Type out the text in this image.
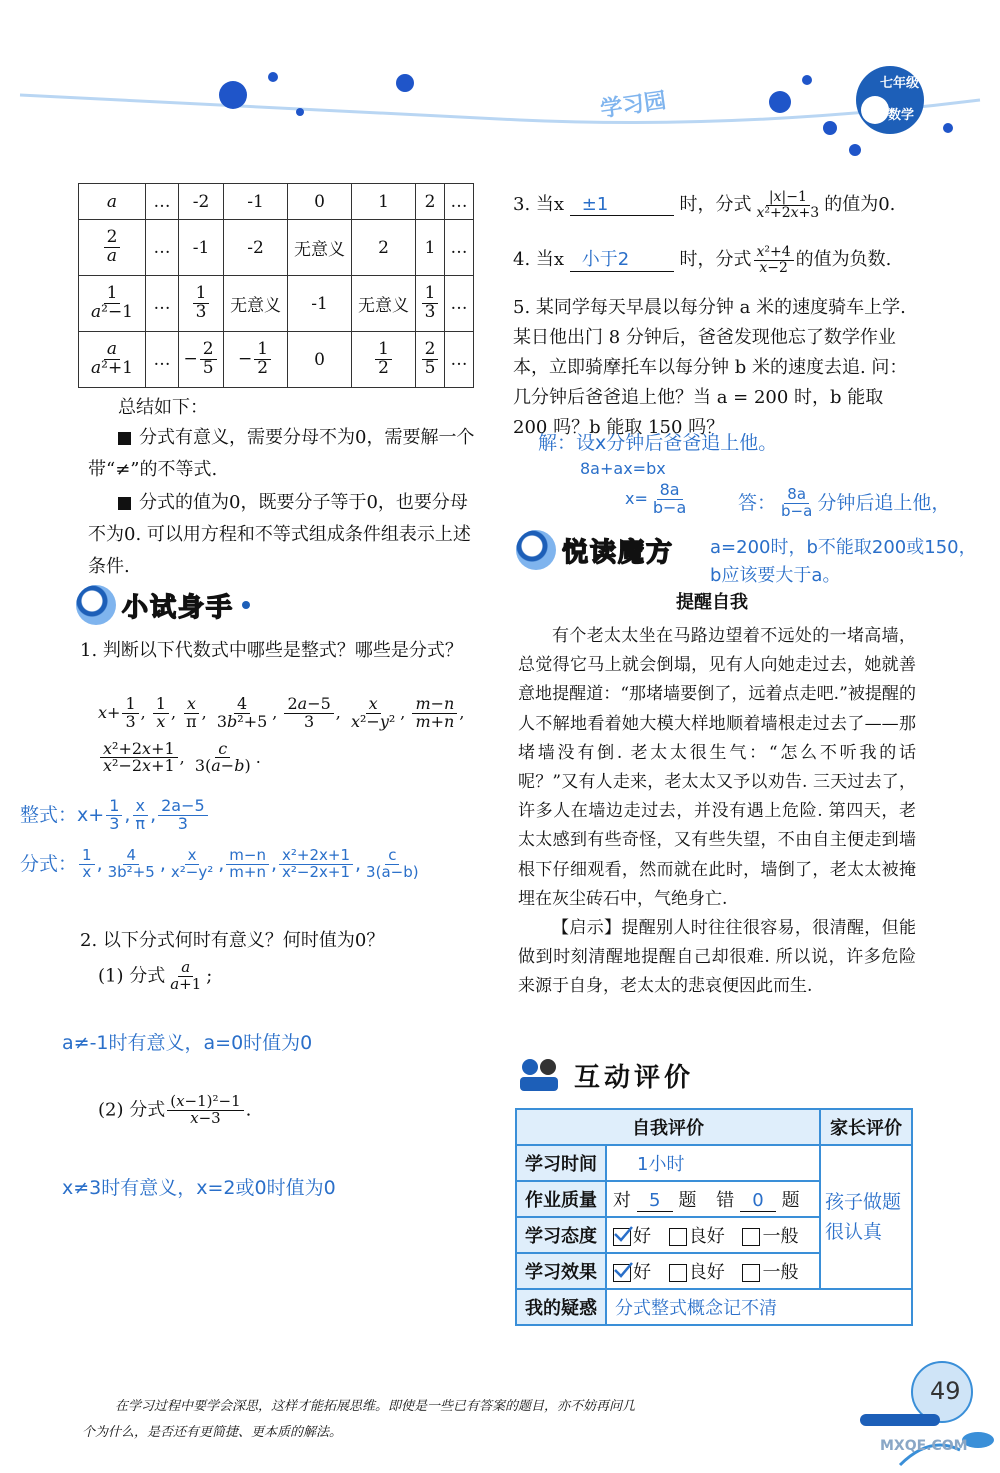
学习园
七年级
数学
a	…	-2	-1	0	1	2	…

$\frac{2}{a}$	…	-1	-2	无意义	2	1	…

$\frac{1}{\text{a²−1}}$	…	$\frac{1}{3}$	无意义	-1	无意义	$\frac{1}{3}$	…

$\frac{a}{\text{a²+1}}$	…	− $\frac{2}{5}$	− $\frac{1}{2}$	0	$\frac{1}{2}$	$\frac{2}{5}$	…
总结如下：
分式有意义，需要分母不为0，需要解一个带“≠”的不等式.
分式的值为0，既要分子等于0，也要分母不为0. 可以用方程和不等式组成条件组表示上述条件.
小试身手
1. 判断以下代数式中哪些是整式？哪些是分式？
$x+ \frac{1}{3}$ , $\frac{1}{x}$ , $\frac{x}{\pi}$ , $\frac{4}{\text{3b²+5}}$ , $\frac{2a-5}{3}$ , $\frac{x}{\text{x²−y²}}$ , $\frac{m-n}{m+n}$ ,
$\frac{\text{x²+2x+1}}{\text{x²−2x+1}}$ , $\frac{c}{3(a-b)}$ .
整式：$x+ \frac{1}{3}$ , $\frac{x}{\pi}$ , $\frac{2a-5}{3}$
分式： $\frac{1}{x}$ , $\frac{4}{\text{3b²+5}}$ , $\frac{x}{\text{x²−y²}}$ , $\frac{m-n}{m+n}$ , $\frac{\text{x²+2x+1}}{\text{x²−2x+1}}$ , $\frac{c}{3(a-b)}$
2. 以下分式何时有意义？何时值为0？
(1) 分式 $\frac{a}{a+1}$ ;
a≠-1时有意义，a=0时值为0
(2) 分式 $\frac{\text{(x−1)²−1}}{x-3}$ .
x≠3时有意义，x=2或0时值为0
3. 当x ±1	时，分式 $\frac{|x|-1}{\text{x²+2x+3}}$ 的值为0.
4. 当x 小于2	时，分式 $\frac{\text{x²+4}}{x-2}$ 的值为负数.
5. 某同学每天早晨以每分钟 a 米的速度骑车上学. 某日他出门 8 分钟后，爸爸发现他忘了数学作业本，立即骑摩托车以每分钟 b 米的速度去追. 问：几分钟后爸爸追上他？当 a = 200 时，b 能取 200 吗？b 能取 150 吗？
解：设x分钟后爸爸追上他。
8a+ax=bx
$x= \frac{8a}{b-a}$	答： $\frac{8a}{b-a}$ 分钟后追上他，
a=200时，b不能取200或150，
b应该要大于a。
悦读魔方
提醒自我

有个老太太坐在马路边望着不远处的一堵高墙，总觉得它马上就会倒塌，见有人向她走过去，她就善意地提醒道：“那堵墙要倒了，远着点走吧.”被提醒的人不解地看着她大模大样地顺着墙根走过去了——那堵墙没有倒. 老太太很生气：“怎么不听我的话呢？”又有人走来，老太太又予以劝告. 三天过去了，许多人在墙边走过去，并没有遇上危险. 第四天，老太太感到有些奇怪，又有些失望，不由自主便走到墙根下仔细观看，然而就在此时，墙倒了，老太太被掩埋在灰尘砖石中，气绝身亡.

【启示】提醒别人时往往很容易，很清醒，但能做到时刻清醒地提醒自己却很难. 所以说，许多危险来源于自身，老太太的悲哀便因此而生.

互动评价
自我评价		家长评价
学习时间	1小时	孩子做题很认真
作业质量	对 5 题 错 0 题	
学习态度	好 良好 一般	
学习效果	好 良好 一般	
我的疑惑	分式整式概念记不清	
在学习过程中要学会深思，这样才能拓展思维。即使是一些已有答案的题目，亦不妨再问几
个为什么，是否还有更简捷、更本质的解法。
49
MXQE.COM
